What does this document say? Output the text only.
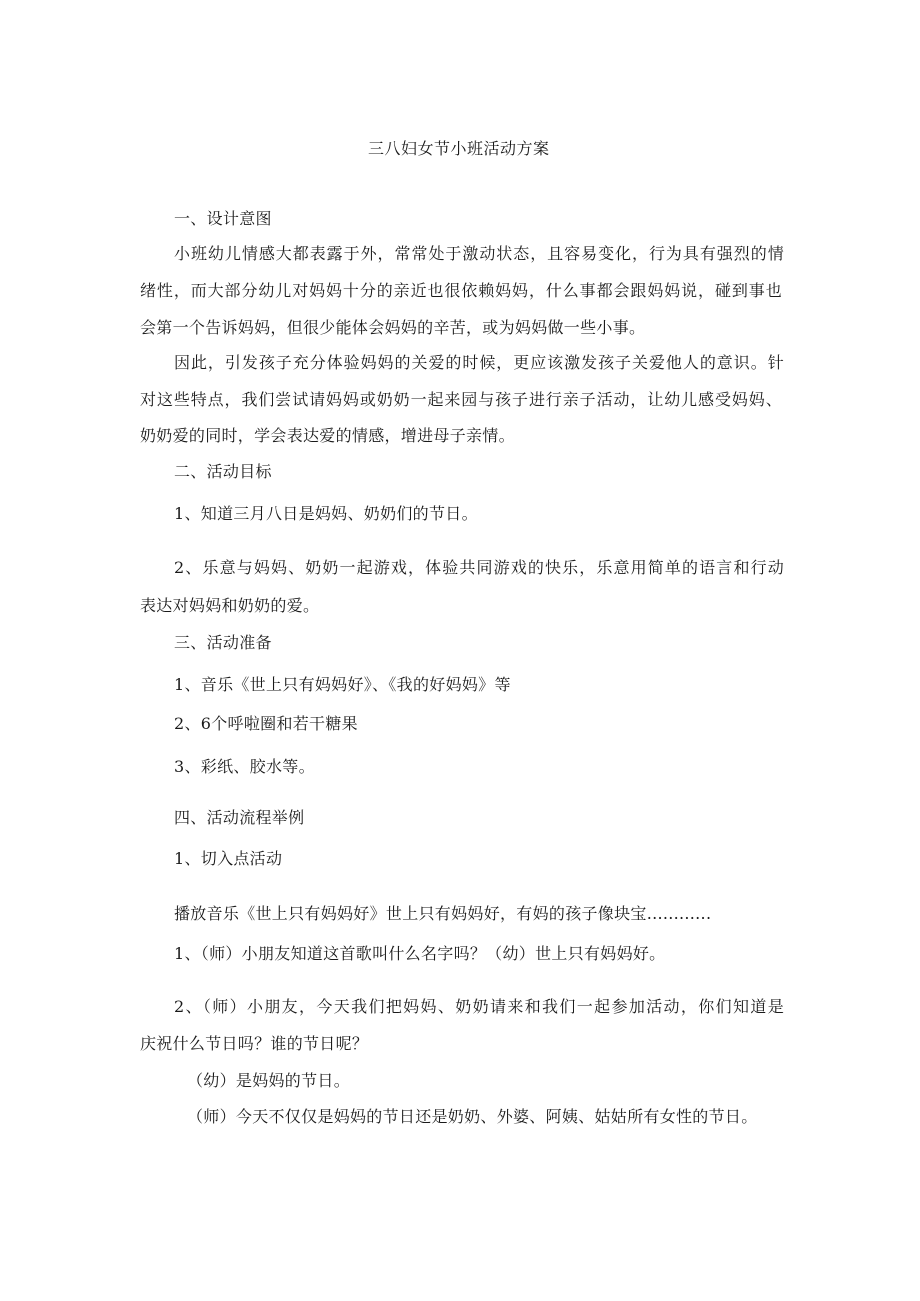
三八妇女节小班活动方案
一、设计意图
小班幼儿情感大都表露于外，常常处于激动状态，且容易变化，行为具有强烈的情
绪性，而大部分幼儿对妈妈十分的亲近也很依赖妈妈，什么事都会跟妈妈说，碰到事也
会第一个告诉妈妈，但很少能体会妈妈的辛苦，或为妈妈做一些小事。
因此，引发孩子充分体验妈妈的关爱的时候，更应该激发孩子关爱他人的意识。针
对这些特点，我们尝试请妈妈或奶奶一起来园与孩子进行亲子活动，让幼儿感受妈妈、
奶奶爱的同时，学会表达爱的情感，增进母子亲情。
二、活动目标
1、知道三月八日是妈妈、奶奶们的节日。
2、乐意与妈妈、奶奶一起游戏，体验共同游戏的快乐，乐意用简单的语言和行动
表达对妈妈和奶奶的爱。
三、活动准备
1、音乐《世上只有妈妈好》、《我的好妈妈》等
2、6个呼啦圈和若干糖果
3、彩纸、胶水等。
四、活动流程举例
1、切入点活动
播放音乐《世上只有妈妈好》世上只有妈妈好，有妈的孩子像块宝............
1、（师）小朋友知道这首歌叫什么名字吗？（幼）世上只有妈妈好。
2、（师）小朋友，今天我们把妈妈、奶奶请来和我们一起参加活动，你们知道是
庆祝什么节日吗？谁的节日呢？
（幼）是妈妈的节日。
（师）今天不仅仅是妈妈的节日还是奶奶、外婆、阿姨、姑姑所有女性的节日。
